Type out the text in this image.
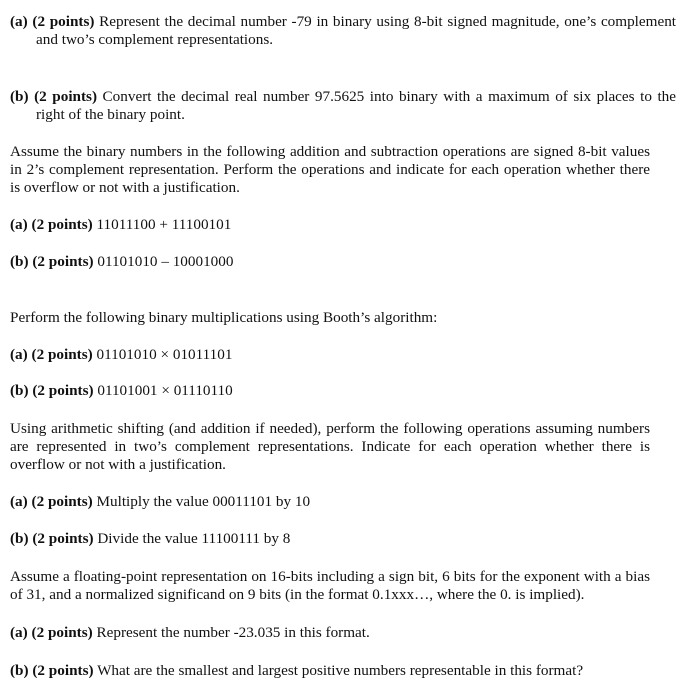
(a) (2 points) Represent the decimal number -79 in binary using 8-bit signed magnitude, one’s complement and two’s complement representations.

(b) (2 points) Convert the decimal real number 97.5625 into binary with a maximum of six places to the right of the binary point.

Assume the binary numbers in the following addition and subtraction operations are signed 8-bit values in 2’s complement representation. Perform the operations and indicate for each operation whether there is overflow or not with a justification.

(a) (2 points) 11011100 + 11100101

(b) (2 points) 01101010 – 10001000

Perform the following binary multiplications using Booth’s algorithm:

(a) (2 points) 01101010 × 01011101

(b) (2 points) 01101001 × 01110110

Using arithmetic shifting (and addition if needed), perform the following operations assuming numbers are represented in two’s complement representations. Indicate for each operation whether there is overflow or not with a justification.

(a) (2 points) Multiply the value 00011101 by 10

(b) (2 points) Divide the value 11100111 by 8

Assume a floating-point representation on 16-bits including a sign bit, 6 bits for the exponent with a bias of 31, and a normalized significand on 9 bits (in the format 0.1xxx…, where the 0. is implied).

(a) (2 points) Represent the number -23.035 in this format.

(b) (2 points) What are the smallest and largest positive numbers representable in this format?
